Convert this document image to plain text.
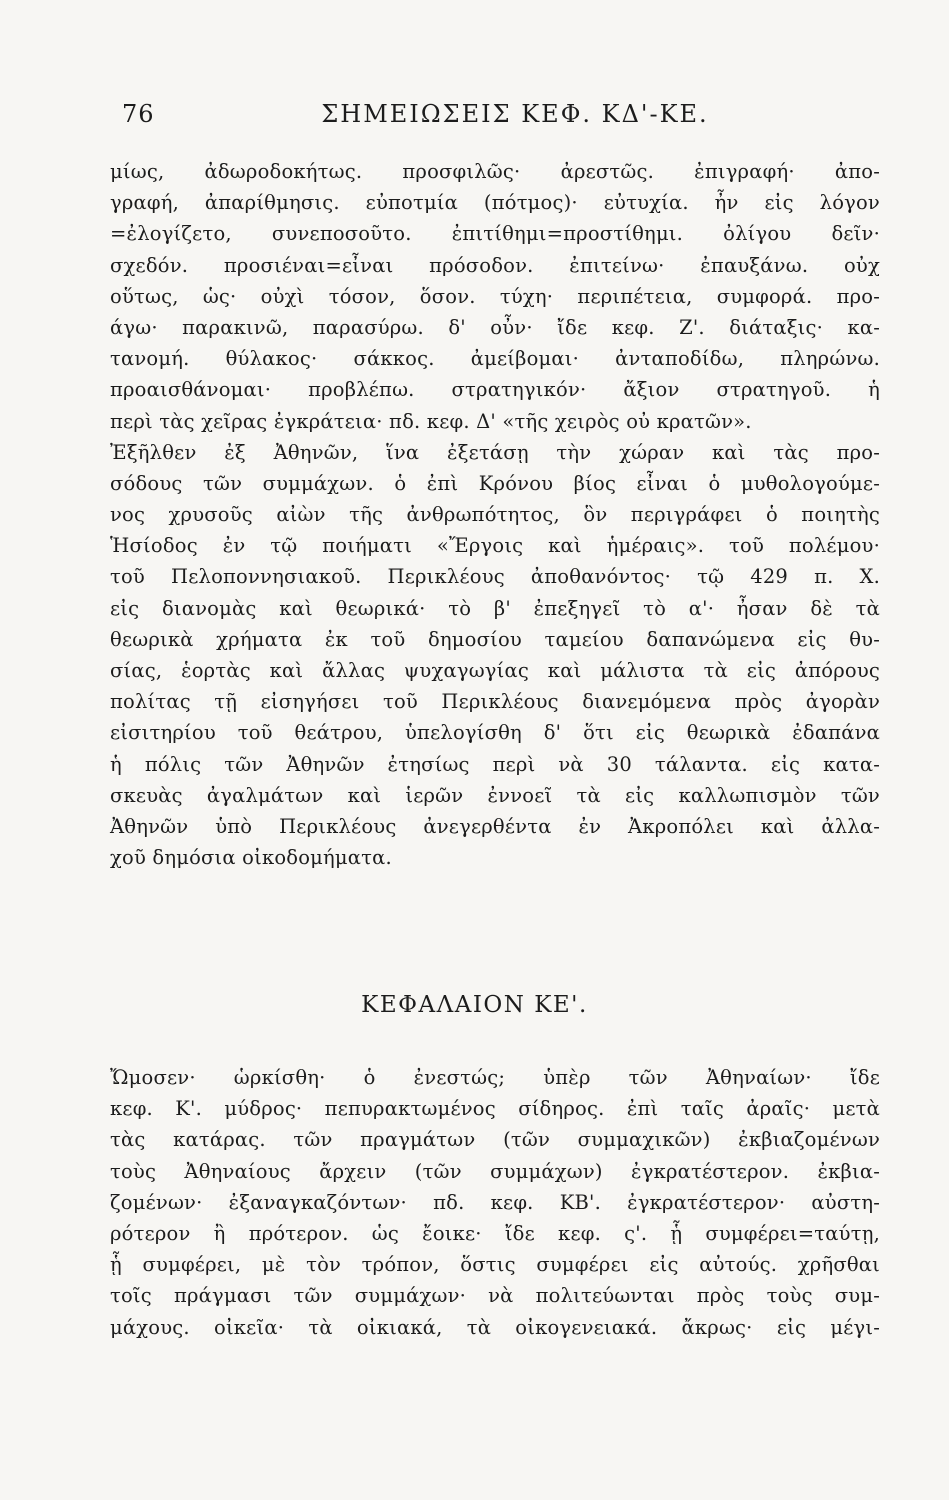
76	ΣΗΜΕΙΩΣΕΙΣ ΚΕΦ. ΚΔ'-ΚΕ.
μίως, ἀδωροδοκήτως. προσφιλῶς· ἀρεστῶς. ἐπιγραφή· ἀπο-
γραφή, ἀπαρίθμησις. εὐποτμία (πότμος)· εὐτυχία. ἦν εἰς λόγον
=ἐλογίζετο, συνεποσοῦτο. ἐπιτίθημι=προστίθημι. ὀλίγου δεῖν·
σχεδόν. προσιέναι=εἶναι πρόσοδον. ἐπιτείνω· ἐπαυξάνω. οὐχ
οὕτως, ὡς· οὐχὶ τόσον, ὅσον. τύχη· περιπέτεια, συμφορά. προ-
άγω· παρακινῶ, παρασύρω. δ' οὖν· ἴδε κεφ. Ζ'. διάταξις· κα-
τανομή. θύλακος· σάκκος. ἀμείβομαι· ἀνταποδίδω, πληρώνω.
προαισθάνομαι· προβλέπω. στρατηγικόν· ἄξιον στρατηγοῦ. ἡ
περὶ τὰς χεῖρας ἐγκράτεια· πδ. κεφ. Δ' «τῆς χειρὸς οὐ κρατῶν».
Ἐξῆλθεν ἐξ Ἀθηνῶν, ἵνα ἐξετάσῃ τὴν χώραν καὶ τὰς προ-
σόδους τῶν συμμάχων. ὁ ἐπὶ Κρόνου βίος εἶναι ὁ μυθολογούμε-
νος χρυσοῦς αἰὼν τῆς ἀνθρωπότητος, ὃν περιγράφει ὁ ποιητὴς
Ἡσίοδος ἐν τῷ ποιήματι «Ἔργοις καὶ ἡμέραις». τοῦ πολέμου·
τοῦ Πελοποννησιακοῦ. Περικλέους ἀποθανόντος· τῷ 429 π. Χ.
εἰς διανομὰς καὶ θεωρικά· τὸ β' ἐπεξηγεῖ τὸ α'· ἦσαν δὲ τὰ
θεωρικὰ χρήματα ἐκ τοῦ δημοσίου ταμείου δαπανώμενα εἰς θυ-
σίας, ἑορτὰς καὶ ἄλλας ψυχαγωγίας καὶ μάλιστα τὰ εἰς ἀπόρους
πολίτας τῇ εἰσηγήσει τοῦ Περικλέους διανεμόμενα πρὸς ἀγορὰν
εἰσιτηρίου τοῦ θεάτρου, ὑπελογίσθη δ' ὅτι εἰς θεωρικὰ ἐδαπάνα
ἡ πόλις τῶν Ἀθηνῶν ἐτησίως περὶ νὰ 30 τάλαντα. εἰς κατα-
σκευὰς ἀγαλμάτων καὶ ἱερῶν ἐννοεῖ τὰ εἰς καλλωπισμὸν τῶν
Ἀθηνῶν ὑπὸ Περικλέους ἀνεγερθέντα ἐν Ἀκροπόλει καὶ ἀλλα-
χοῦ δημόσια οἰκοδομήματα.
ΚΕΦΑΛΑΙΟΝ ΚΕ'.
Ὤμοσεν· ὡρκίσθη· ὁ ἐνεστώς; ὑπὲρ τῶν Ἀθηναίων· ἴδε
κεφ. Κ'. μύδρος· πεπυρακτωμένος σίδηρος. ἐπὶ ταῖς ἀραῖς· μετὰ
τὰς κατάρας. τῶν πραγμάτων (τῶν συμμαχικῶν) ἐκβιαζομένων
τοὺς Ἀθηναίους ἄρχειν (τῶν συμμάχων) ἐγκρατέστερον. ἐκβια-
ζομένων· ἐξαναγκαζόντων· πδ. κεφ. ΚΒ'. ἐγκρατέστερον· αὐστη-
ρότερον ἢ πρότερον. ὡς ἔοικε· ἴδε κεφ. ς'. ᾗ συμφέρει=ταύτῃ,
ᾗ συμφέρει, μὲ τὸν τρόπον, ὅστις συμφέρει εἰς αὐτούς. χρῆσθαι
τοῖς πράγμασι τῶν συμμάχων· νὰ πολιτεύωνται πρὸς τοὺς συμ-
μάχους. οἰκεῖα· τὰ οἰκιακά, τὰ οἰκογενειακά. ἄκρως· εἰς μέγι-
